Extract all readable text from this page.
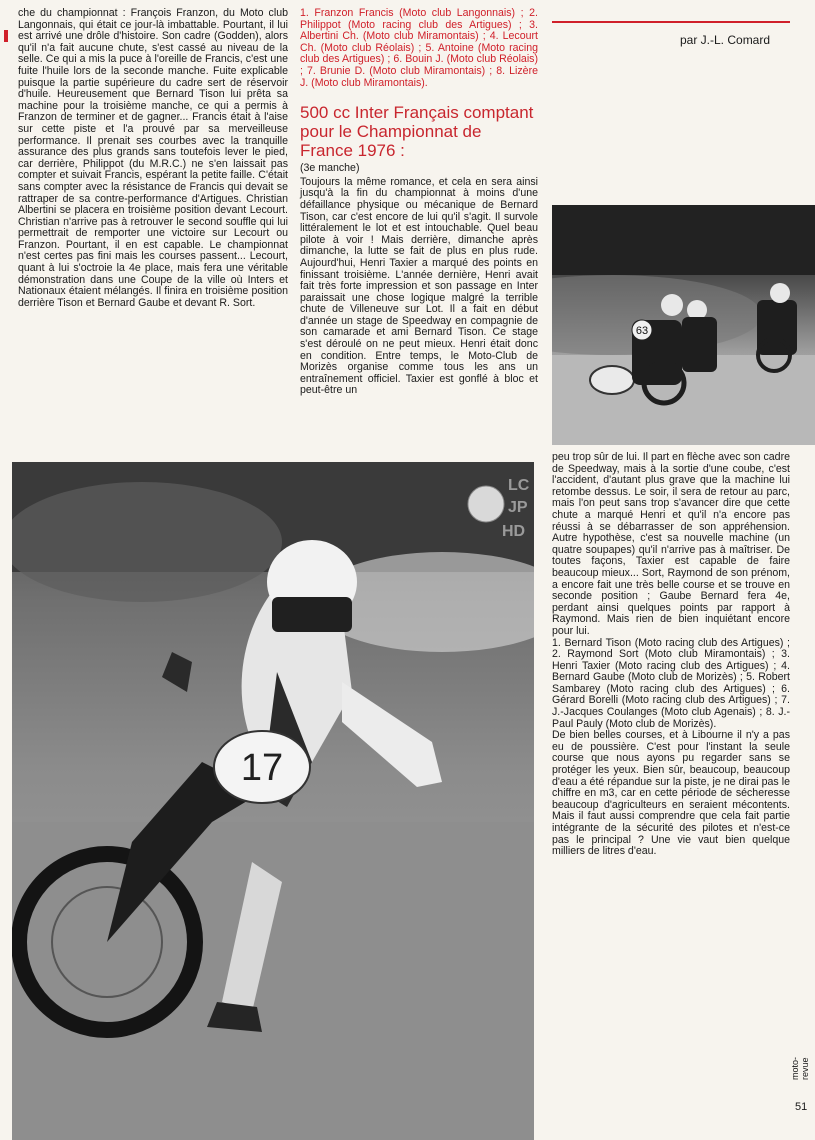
par J.-L. Comard

che du championnat : François Franzon, du Moto club Langonnais, qui était ce jour-là imbattable. Pourtant, il lui est arrivé une drôle d'histoire. Son cadre (Godden), alors qu'il n'a fait aucune chute, s'est cassé au niveau de la selle. Ce qui a mis la puce à l'oreille de Francis, c'est une fuite l'huile lors de la seconde manche. Fuite explicable puisque la partie supérieure du cadre sert de réservoir d'huile. Heureusement que Bernard Tison lui prêta sa machine pour la troisième manche, ce qui a permis à Franzon de terminer et de gagner... Francis était à l'aise sur cette piste et l'a prouvé par sa merveilleuse performance. Il prenait ses courbes avec la tranquille assurance des plus grands sans toutefois lever le pied, car derrière, Philippot (du M.R.C.) ne s'en laissait pas compter et suivait Francis, espérant la petite faille. C'était sans compter avec la résistance de Francis qui devait se rattraper de sa contre-performance d'Artigues. Christian Albertini se placera en troisième position devant Lecourt. Christian n'arrive pas à retrouver le second souffle qui lui permettrait de remporter une victoire sur Lecourt ou Franzon. Pourtant, il en est capable. Le championnat n'est certes pas fini mais les courses passent... Lecourt, quant à lui s'octroie la 4e place, mais fera une véritable démonstration dans une Coupe de la ville où Inters et Nationaux étaient mélangés. Il finira en troisième position derrière Tison et Bernard Gaube et devant R. Sort.

1. Franzon Francis (Moto club Langonnais) ; 2. Philippot (Moto racing club des Artigues) ; 3. Albertini Ch. (Moto club Miramontais) ; 4. Lecourt Ch. (Moto club Réolais) ; 5. Antoine (Moto racing club des Artigues) ; 6. Bouin J. (Moto club Réolais) ; 7. Brunie D. (Moto club Miramontais) ; 8. Lizère J. (Moto club Miramontais).

500 cc Inter Français comptant pour le Championnat de France 1976 :

(3e manche)

Toujours la même romance, et cela en sera ainsi jusqu'à la fin du championnat à moins d'une défaillance physique ou mécanique de Bernard Tison, car c'est encore de lui qu'il s'agit. Il survole littéralement le lot et est intouchable. Quel beau pilote à voir ! Mais derrière, dimanche après dimanche, la lutte se fait de plus en plus rude. Aujourd'hui, Henri Taxier a marqué des points en finissant troisième. L'année dernière, Henri avait fait très forte impression et son passage en Inter paraissait une chose logique malgré la terrible chute de Villeneuve sur Lot. Il a fait en début d'année un stage de Speedway en compagnie de son camarade et ami Bernard Tison. Ce stage s'est déroulé on ne peut mieux. Henri était donc en condition. Entre temps, le Moto-Club de Morizès organise comme tous les ans un entraînement officiel. Taxier est gonflé à bloc et peut-être un

63
17
LC
JP
HD

peu trop sûr de lui. Il part en flèche avec son cadre de Speedway, mais à la sortie d'une coube, c'est l'accident, d'autant plus grave que la machine lui retombe dessus. Le soir, il sera de retour au parc, mais l'on peut sans trop s'avancer dire que cette chute a marqué Henri et qu'il n'a encore pas réussi à se débarrasser de son appréhension. Autre hypothèse, c'est sa nouvelle machine (un quatre soupapes) qu'il n'arrive pas à maîtriser. De toutes façons, Taxier est capable de faire beaucoup mieux... Sort, Raymond de son prénom, a encore fait une très belle course et se trouve en seconde position ; Gaube Bernard fera 4e, perdant ainsi quelques points par rapport à Raymond. Mais rien de bien inquiétant encore pour lui.

1. Bernard Tison (Moto racing club des Artigues) ; 2. Raymond Sort (Moto club Miramontais) ; 3. Henri Taxier (Moto racing club des Artigues) ; 4. Bernard Gaube (Moto club de Morizès) ; 5. Robert Sambarey (Moto racing club des Artigues) ; 6. Gérard Borelli (Moto racing club des Artigues) ; 7. J.-Jacques Coulanges (Moto club Agenais) ; 8. J.-Paul Pauly (Moto club de Morizès).

De bien belles courses, et à Libourne il n'y a pas eu de poussière. C'est pour l'instant la seule course que nous ayons pu regarder sans se protéger les yeux. Bien sûr, beaucoup, beaucoup d'eau a été répandue sur la piste, je ne dirai pas le chiffre en m3, car en cette période de sécheresse beaucoup d'agriculteurs en seraient mécontents. Mais il faut aussi comprendre que cela fait partie intégrante de la sécurité des pilotes et n'est-ce pas le principal ? Une vie vaut bien quelque milliers de litres d'eau.

moto-revue
51
